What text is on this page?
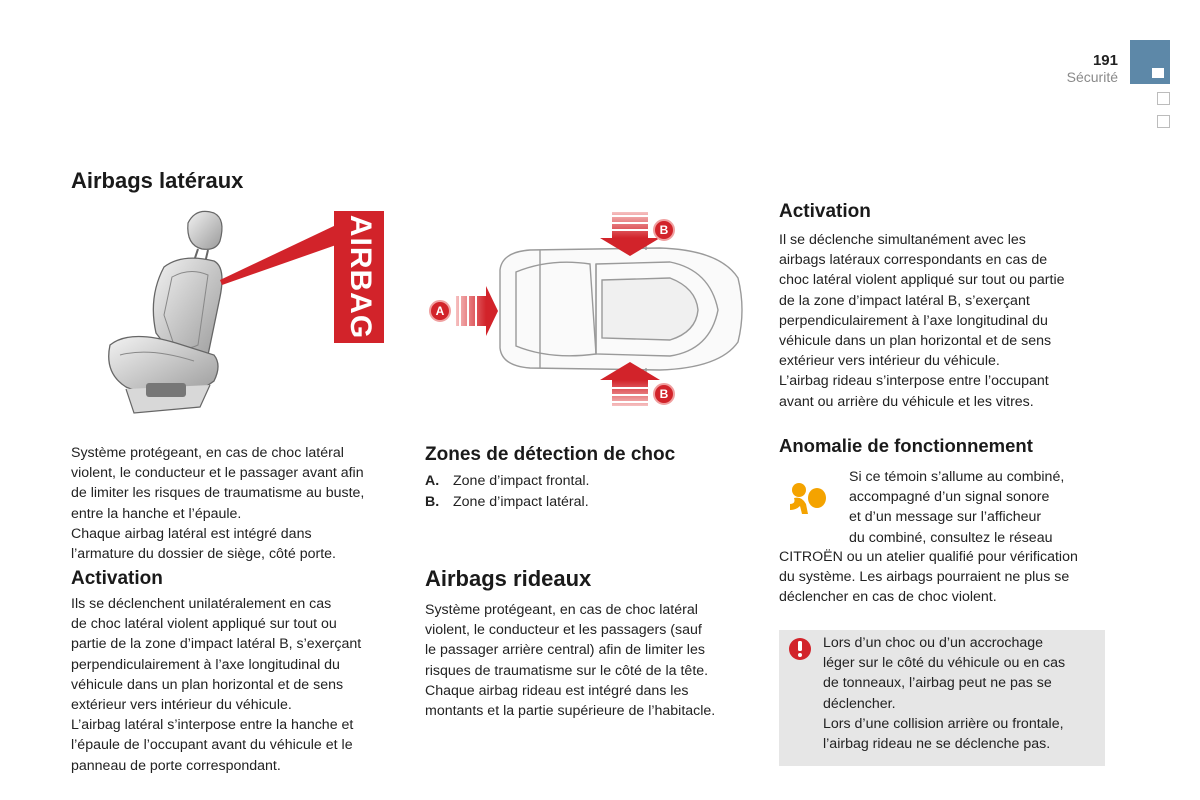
191
Sécurité
Airbags latéraux
AIRBAG
Système protégeant, en cas de choc latéral
violent, le conducteur et le passager avant afin
de limiter les risques de traumatisme au buste,
entre la hanche et l’épaule.
Chaque airbag latéral est intégré dans
l’armature du dossier de siège, côté porte.
Activation
Ils se déclenchent unilatéralement en cas
de choc latéral violent appliqué sur tout ou
partie de la zone d’impact latéral B, s’exerçant
perpendiculairement à l’axe longitudinal du
véhicule dans un plan horizontal et de sens
extérieur vers intérieur du véhicule.
L’airbag latéral s’interpose entre la hanche et
l’épaule de l’occupant avant du véhicule et le
panneau de porte correspondant.
A
B
B
Zones de détection de choc
A. Zone d’impact frontal.
B. Zone d’impact latéral.
Airbags rideaux
Système protégeant, en cas de choc latéral
violent, le conducteur et les passagers (sauf
le passager arrière central) afin de limiter les
risques de traumatisme sur le côté de la tête.
Chaque airbag rideau est intégré dans les
montants et la partie supérieure de l’habitacle.
Activation
Il se déclenche simultanément avec les
airbags latéraux correspondants en cas de
choc latéral violent appliqué sur tout ou partie
de la zone d’impact latéral B, s’exerçant
perpendiculairement à l’axe longitudinal du
véhicule dans un plan horizontal et de sens
extérieur vers intérieur du véhicule.
L’airbag rideau s’interpose entre l’occupant
avant ou arrière du véhicule et les vitres.
Anomalie de fonctionnement
Si ce témoin s’allume au combiné,
accompagné d’un signal sonore
et d’un message sur l’afficheur
du combiné, consultez le réseau
CITROËN ou un atelier qualifié pour vérification
du système. Les airbags pourraient ne plus se
déclencher en cas de choc violent.
Lors d’un choc ou d’un accrochage
léger sur le côté du véhicule ou en cas
de tonneaux, l’airbag peut ne pas se
déclencher.
Lors d’une collision arrière ou frontale,
l’airbag rideau ne se déclenche pas.
